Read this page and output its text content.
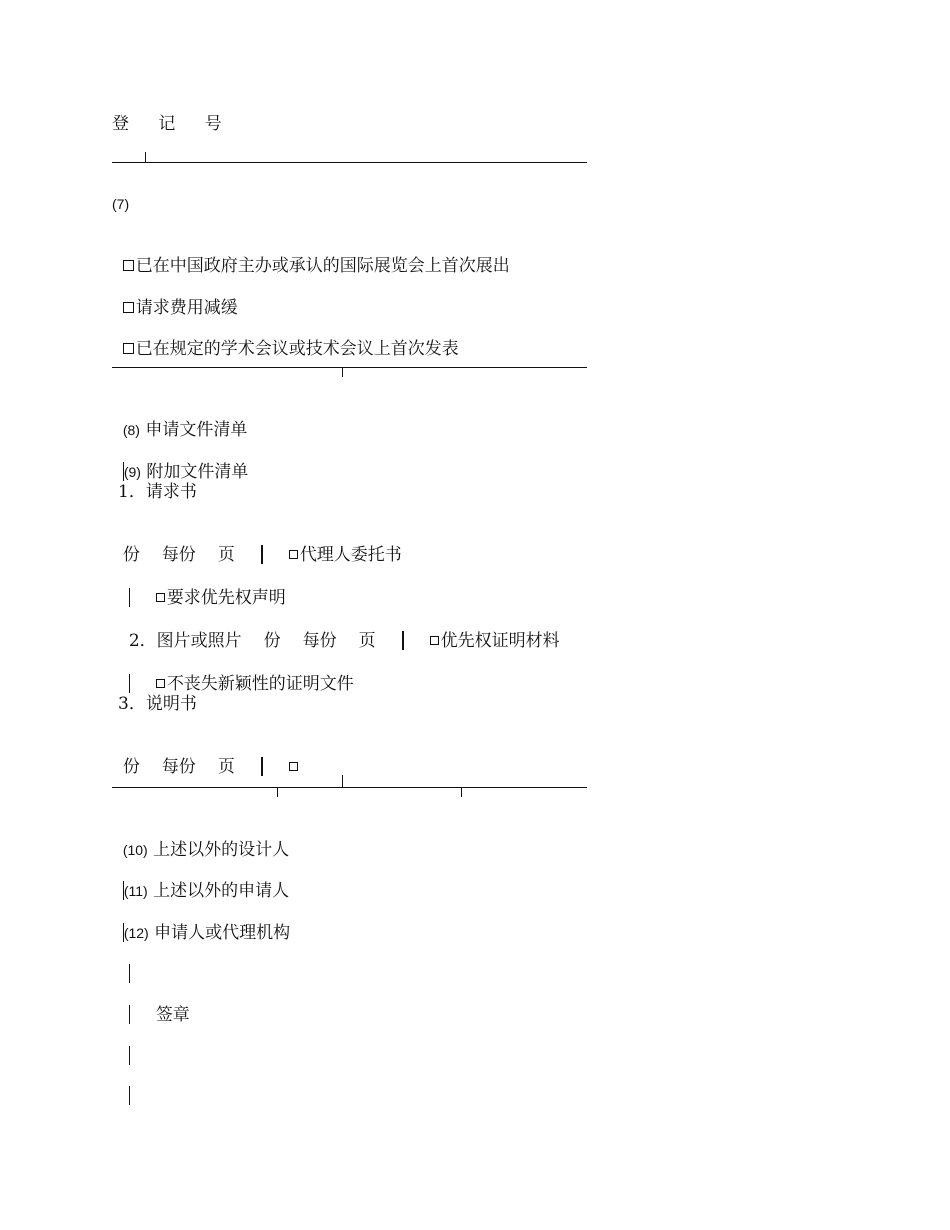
登 记 号
(7)

已在中国政府主办或承认的国际展览会上首次展出

请求费用减缓

已在规定的学术会议或技术会议上首次发表

(8) 申请文件清单

(9) 附加文件清单

1．请求书

份 每份 页	代理人委托书

要求优先权声明

2．图片或照片 份 每份 页	优先权证明材料

不丧失新颖性的证明文件

3．说明书

份 每份 页

(10) 上述以外的设计人

(11) 上述以外的申请人

(12) 申请人或代理机构

签章
